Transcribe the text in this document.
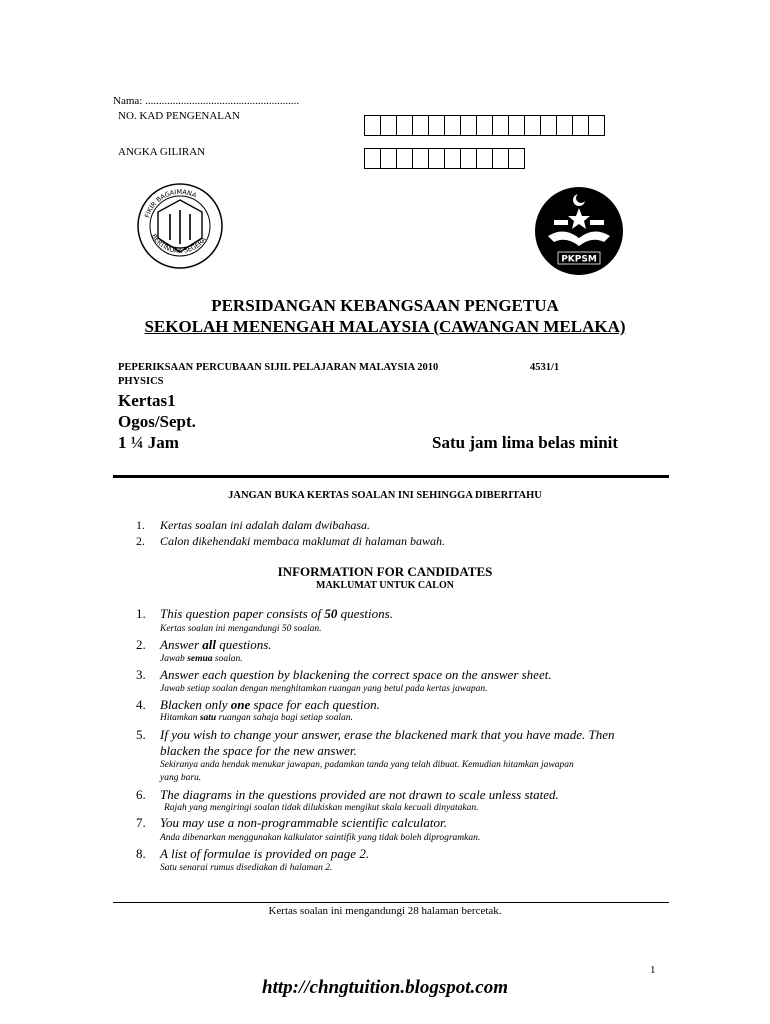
Nama: ........................................................
NO. KAD PENGENALAN
ANGKA GILIRAN
FIKIR BAGAIMANA
BERTINDAK SEGERA
PKPSM
PERSIDANGAN KEBANGSAAN PENGETUA
SEKOLAH MENENGAH MALAYSIA (CAWANGAN MELAKA)
PEPERIKSAAN PERCUBAAN SIJIL PELAJARAN MALAYSIA 2010	4531/1
PHYSICS
Kertas1
Ogos/Sept.
1 ¼ Jam	Satu jam lima belas minit
JANGAN BUKA KERTAS SOALAN INI SEHINGGA DIBERITAHU
1. Kertas soalan ini adalah dalam dwibahasa.
2. Calon dikehendaki membaca maklumat di halaman bawah.
INFORMATION FOR CANDIDATES
MAKLUMAT UNTUK CALON
1. This question paper consists of 50 questions.
Kertas soalan ini mengandungi 50 soalan.
2. Answer all questions.
Jawab semua soalan.
3. Answer each question by blackening the correct space on the answer sheet.
Jawab setiap soalan dengan menghitamkan ruangan yang betul pada kertas jawapan.
4. Blacken only one space for each question.
Hitamkan satu ruangan sahaja bagi setiap soalan.
5. If you wish to change your answer, erase the blackened mark that you have made. Then
blacken the space for the new answer.
Sekiranya anda hendak menukar jawapan, padamkan tanda yang telah dibuat. Kemudian hitamkan jawapan
yang baru.
6. The diagrams in the questions provided are not drawn to scale unless stated.
Rajah yang mengiringi soalan tidak dilukiskan mengikut skala kecuali dinyatakan.
7. You may use a non-programmable scientific calculator.
Anda dibenarkan menggunakan kalkulator saintifik yang tidak boleh diprogramkan.
8. A list of formulae is provided on page 2.
Satu senarai rumus disediakan di halaman 2.
Kertas soalan ini mengandungi 28 halaman bercetak.
1
http://chngtuition.blogspot.com
